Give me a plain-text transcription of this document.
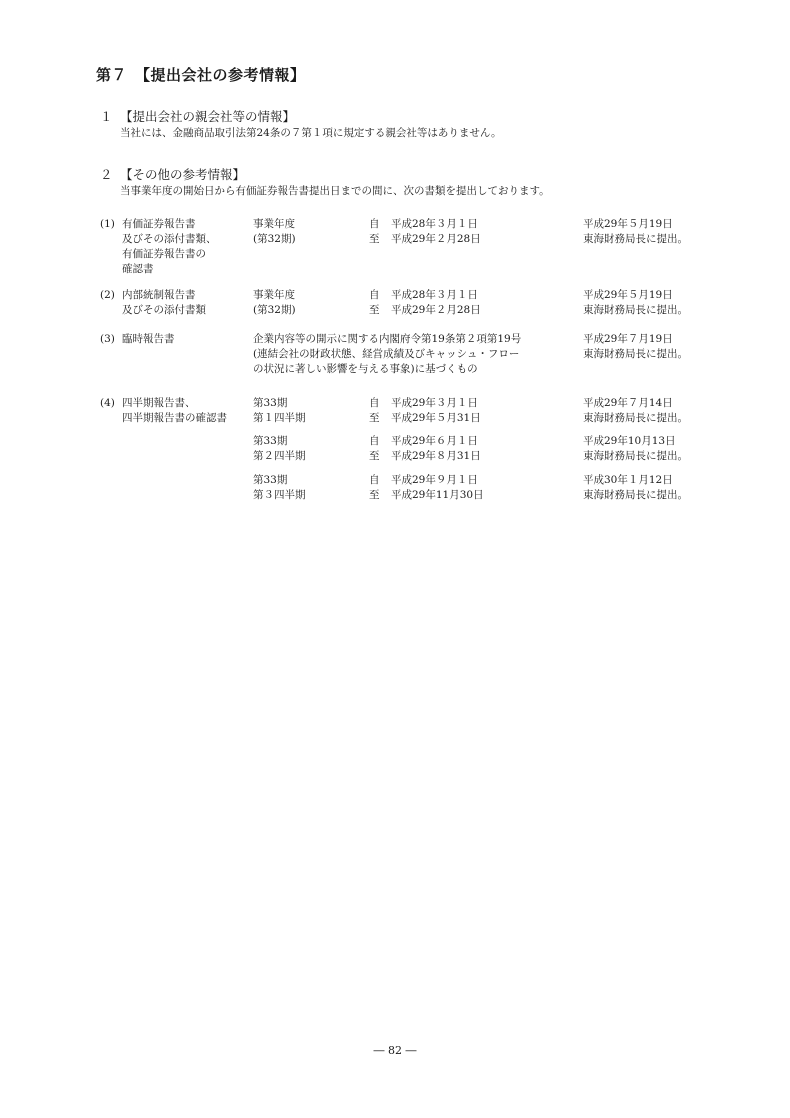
第７　【提出会社の参考情報】
１ 【提出会社の親会社等の情報】
当社には、金融商品取引法第24条の７第１項に規定する親会社等はありません。
２ 【その他の参考情報】
当事業年度の開始日から有価証券報告書提出日までの間に、次の書類を提出しております。
(1) 有価証券報告書
及びその添付書類、
有価証券報告書の
確認書
事業年度
(第32期)
自
至
平成28年３月１日
平成29年２月28日
平成29年５月19日
東海財務局長に提出。
(2) 内部統制報告書
及びその添付書類
事業年度
(第32期)
自
至
平成28年３月１日
平成29年２月28日
平成29年５月19日
東海財務局長に提出。
(3) 臨時報告書	企業内容等の開示に関する内閣府令第19条第２項第19号
(連結会社の財政状態、経営成績及びキャッシュ・フロー
の状況に著しい影響を与える事象)に基づくもの
平成29年７月19日
東海財務局長に提出。
(4) 四半期報告書、
四半期報告書の確認書
第33期
第１四半期
自
至
平成29年３月１日
平成29年５月31日
平成29年７月14日
東海財務局長に提出。
第33期
第２四半期
自
至
平成29年６月１日
平成29年８月31日
平成29年10月13日
東海財務局長に提出。
第33期
第３四半期
自
至
平成29年９月１日
平成29年11月30日
平成30年１月12日
東海財務局長に提出。
― 82 ―
